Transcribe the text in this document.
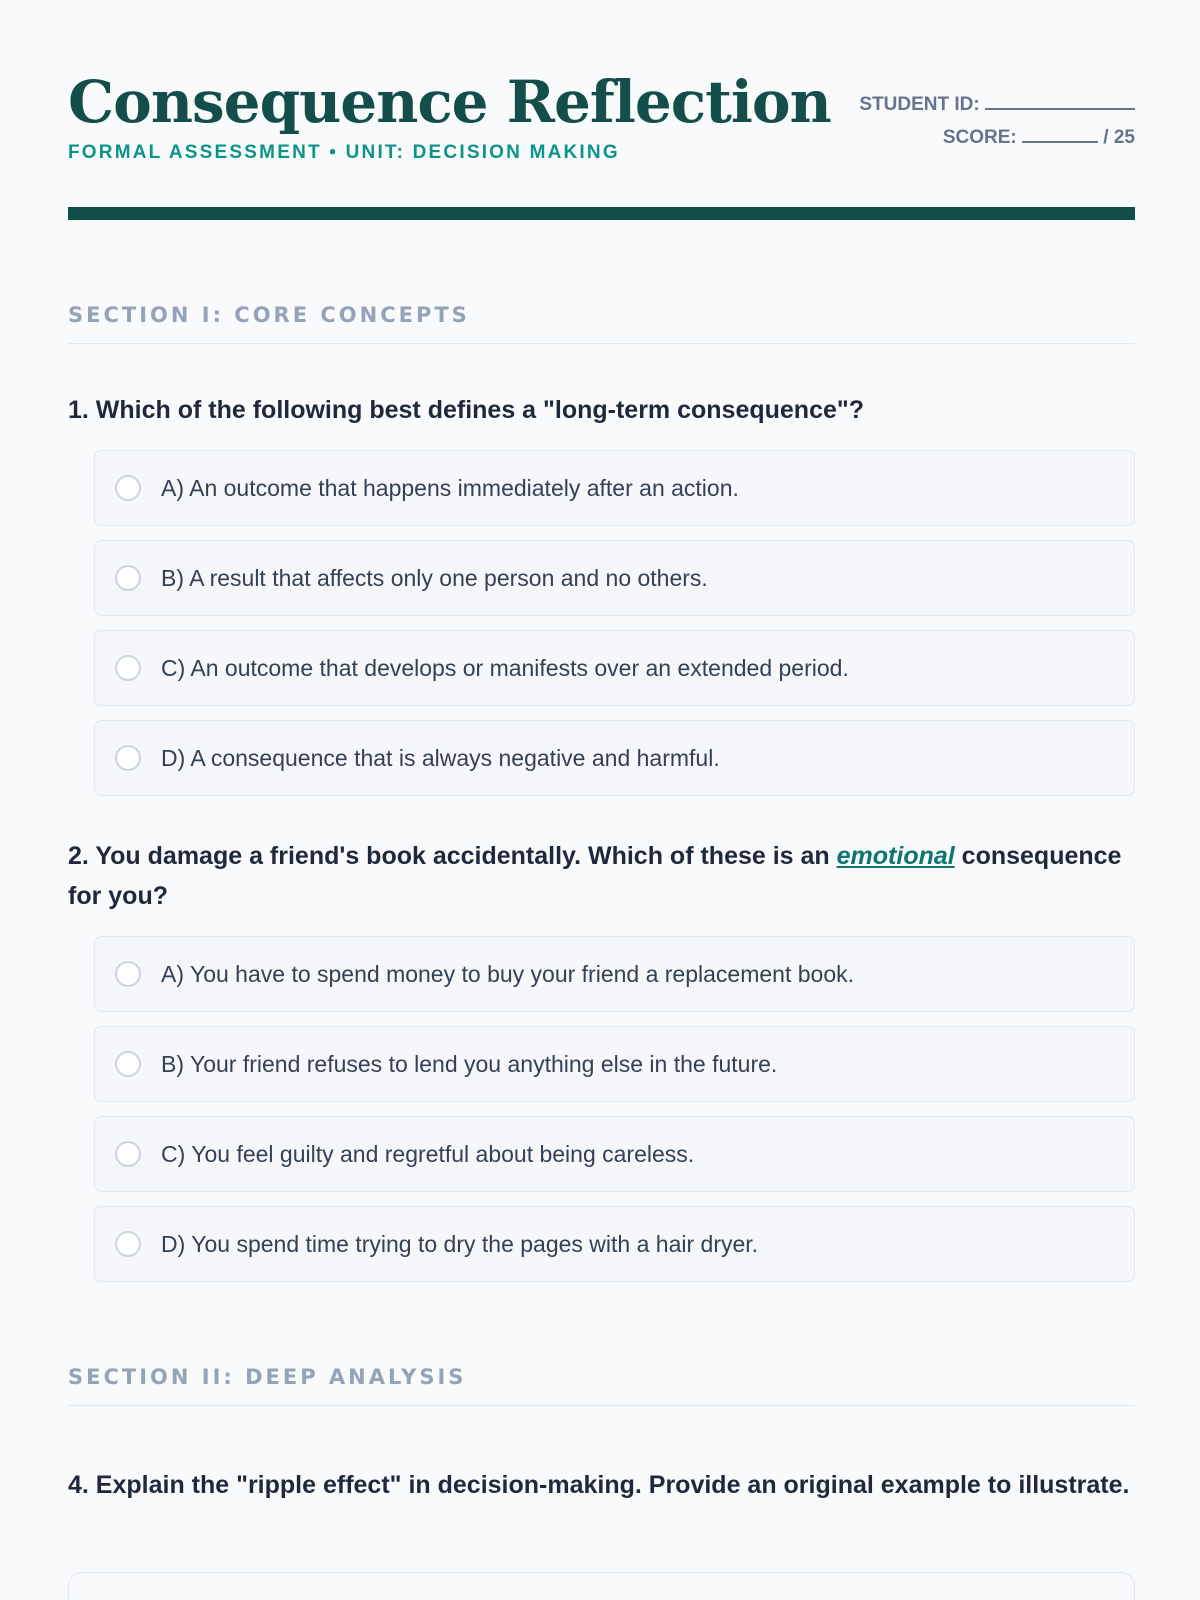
Consequence Reflection
FORMAL ASSESSMENT • UNIT: DECISION MAKING
STUDENT ID:
SCORE:	/ 25
SECTION I: CORE CONCEPTS
1. Which of the following best defines a "long-term consequence"?
A) An outcome that happens immediately after an action.
B) A result that affects only one person and no others.
C) An outcome that develops or manifests over an extended period.
D) A consequence that is always negative and harmful.
2. You damage a friend's book accidentally. Which of these is an emotional consequence for you?
A) You have to spend money to buy your friend a replacement book.
B) Your friend refuses to lend you anything else in the future.
C) You feel guilty and regretful about being careless.
D) You spend time trying to dry the pages with a hair dryer.
SECTION II: DEEP ANALYSIS
4. Explain the "ripple effect" in decision-making. Provide an original example to illustrate.
